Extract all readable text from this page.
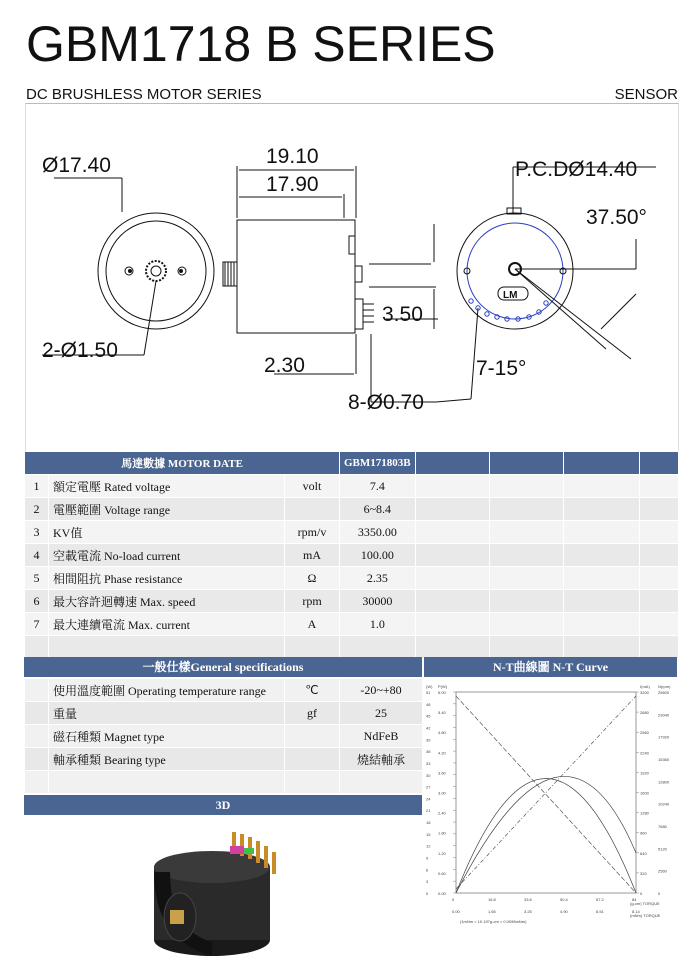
GBM1718 B SERIES
DC BRUSHLESS MOTOR SERIES	SENSOR
Ø17.40	19.10
17.90
P.C.DØ14.40
37.50°
2-Ø1.50
2.30
3.50
7-15°
8-Ø0.70
LM
馬達數據 MOTOR DATE			GBM171803B				
1	額定電壓 Rated voltage	volt	7.4				
2	電壓範圍 Voltage range		6~8.4				
3	KV值	rpm/v	3350.00				
4	空載電流 No-load current	mA	100.00				
5	相間阻抗 Phase resistance	Ω	2.35				
6	最大容許迴轉速 Max. speed	rpm	30000				
7	最大連續電流 Max. current	A	1.0				

一般仕樣General specifications	N-T曲線圖 N-T Curve
	使用溫度範圍 Operating temperature range	℃	-20~+80
	重量	gf	25
	磁石種類 Magnet type		NdFeB
	軸承種類 Bearing type		燒結軸承

3D
51
48
45
42
39
36
33
30
27
24
21
18
15
12
9
6
3
0
6.00
5.40
4.80
4.20
3.60
3.00
2.40
1.80
1.20
0.60
0.00
3200
2880
2560
2240
1920
1600
1280
960
640
320
0
25600
23040
17920
15360
12800
10240
7680
5120
2560
0
0	16.8	33.6	50.4	67.2	84
0.00	1.65	3.25	4.90	6.51	8.14
(g-cm) TORQUE
(mNm) TORQUE
(1mNm = 10.197g-cm = 0.0098mNm)
(W) P(W)	I(mA) N(rpm)
